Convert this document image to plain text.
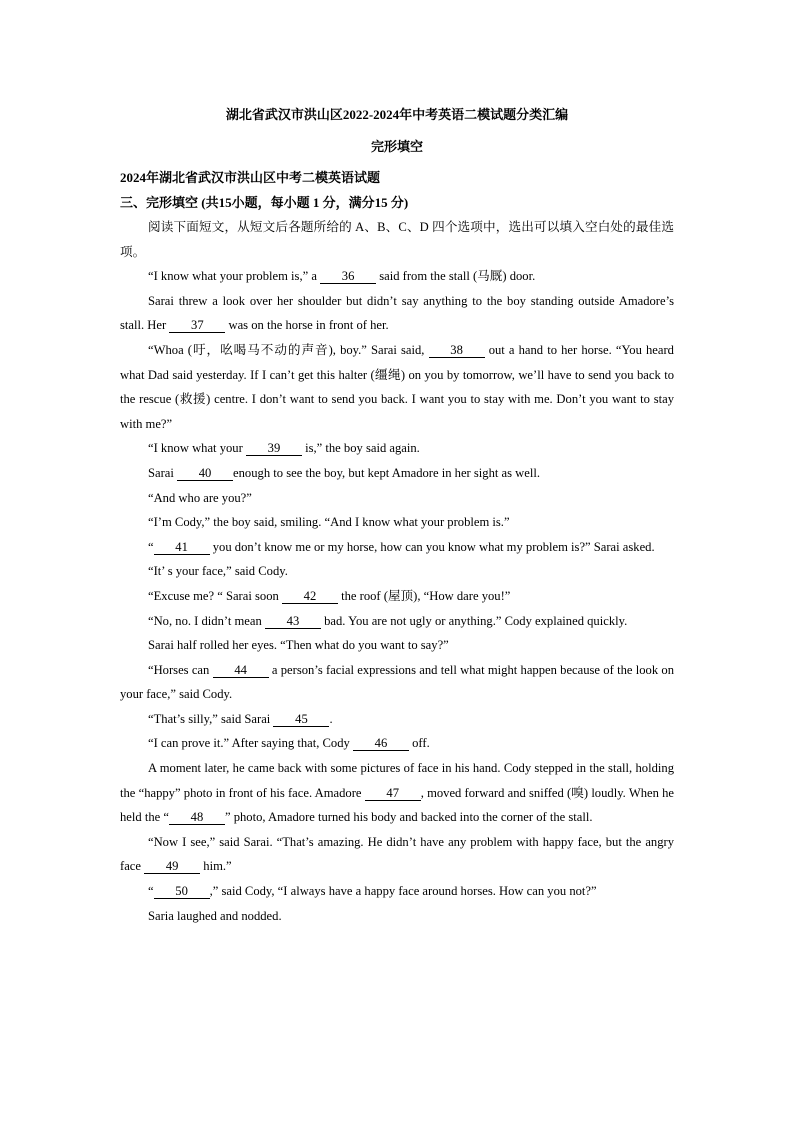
湖北省武汉市洪山区2022-2024年中考英语二模试题分类汇编
完形填空
2024年湖北省武汉市洪山区中考二模英语试题
三、完形填空 (共15小题，每小题 1 分，满分15 分)

阅读下面短文，从短文后各题所给的 A、B、C、D 四个选项中，选出可以填入空白处的最佳选项。

“I know what your problem is,” a 36 said from the stall (马厩) door.

Sarai threw a look over her shoulder but didn’t say anything to the boy standing outside Amadore’s stall. Her 37 was on the horse in front of her.

“Whoa (吁，吆喝马不动的声音), boy.” Sarai said, 38 out a hand to her horse. “You heard what Dad said yesterday. If I can’t get this halter (缰绳) on you by tomorrow, we’ll have to send you back to the rescue (救援) centre. I don’t want to send you back. I want you to stay with me. Don’t you want to stay with me?”

“I know what your 39 is,” the boy said again.

Sarai 40 enough to see the boy, but kept Amadore in her sight as well.

“And who are you?”

“I’m Cody,” the boy said, smiling. “And I know what your problem is.”

“ 41 you don’t know me or my horse, how can you know what my problem is?” Sarai asked.

“It’ s your face,” said Cody.

“Excuse me? “ Sarai soon 42 the roof (屋顶), “How dare you!”

“No, no. I didn’t mean 43 bad. You are not ugly or anything.” Cody explained quickly.

Sarai half rolled her eyes. “Then what do you want to say?”

“Horses can 44 a person’s facial expressions and tell what might happen because of the look on your face,” said Cody.

“That’s silly,” said Sarai 45 .

“I can prove it.” After saying that, Cody 46 off.

A moment later, he came back with some pictures of face in his hand. Cody stepped in the stall, holding the “happy” photo in front of his face. Amadore 47 , moved forward and sniffed (嗅) loudly. When he held the “ 48 ” photo, Amadore turned his body and backed into the corner of the stall.

“Now I see,” said Sarai. “That’s amazing. He didn’t have any problem with happy face, but the angry face 49 him.”

“ 50 ,” said Cody, “I always have a happy face around horses. How can you not?”

Saria laughed and nodded.
